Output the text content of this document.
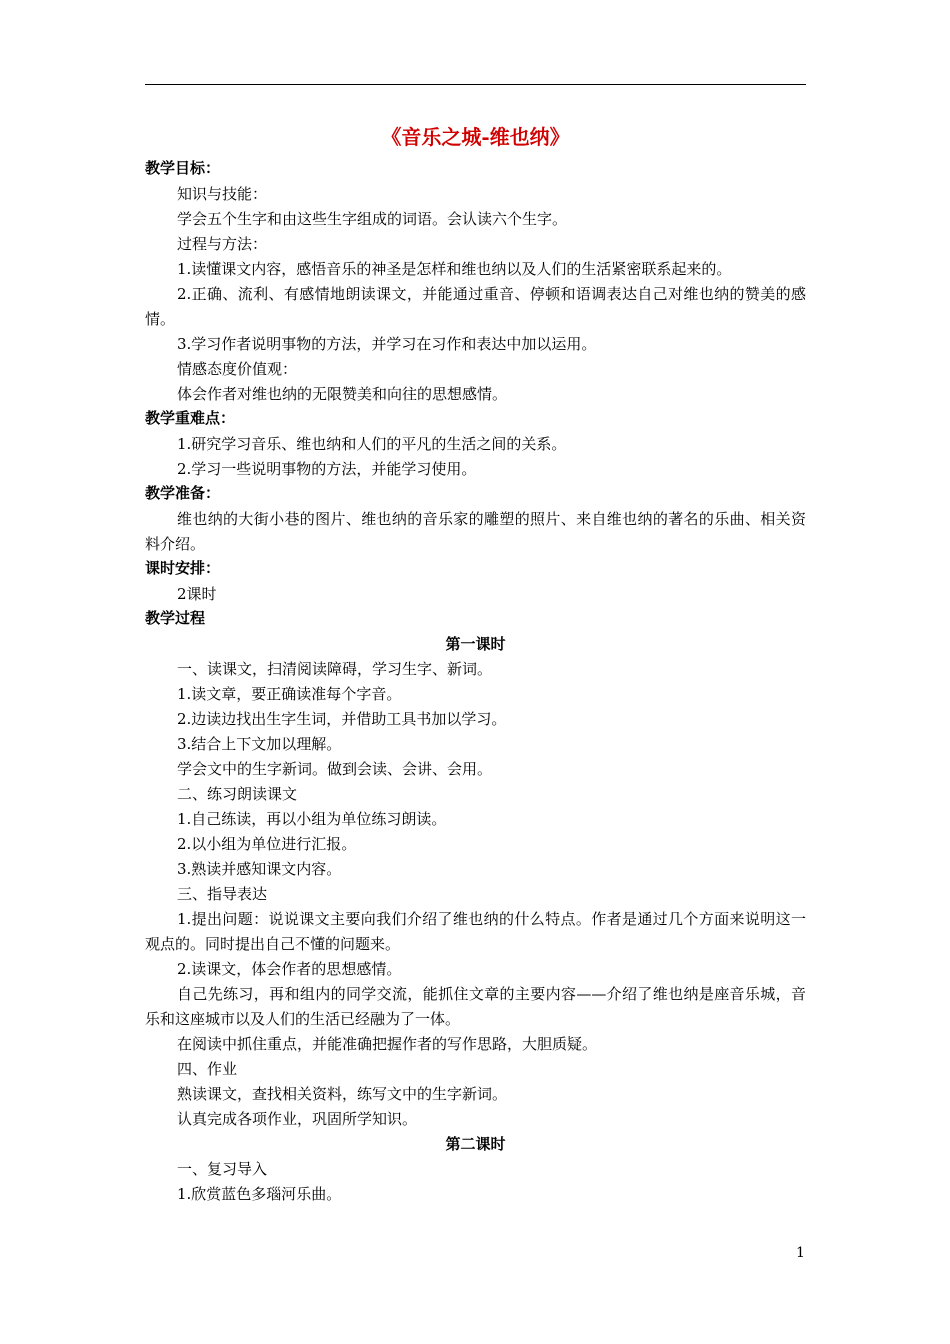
《音乐之城-维也纳》
教学目标：
知识与技能：
学会五个生字和由这些生字组成的词语。会认读六个生字。
过程与方法：
1.读懂课文内容，感悟音乐的神圣是怎样和维也纳以及人们的生活紧密联系起来的。
2.正确、流利、有感情地朗读课文，并能通过重音、停顿和语调表达自己对维也纳的赞美的感情。
3.学习作者说明事物的方法，并学习在习作和表达中加以运用。
情感态度价值观：
体会作者对维也纳的无限赞美和向往的思想感情。
教学重难点：
1.研究学习音乐、维也纳和人们的平凡的生活之间的关系。
2.学习一些说明事物的方法，并能学习使用。
教学准备：
维也纳的大街小巷的图片、维也纳的音乐家的雕塑的照片、来自维也纳的著名的乐曲、相关资料介绍。
课时安排：
2课时
教学过程
第一课时
一、读课文，扫清阅读障碍，学习生字、新词。
1.读文章，要正确读准每个字音。
2.边读边找出生字生词，并借助工具书加以学习。
3.结合上下文加以理解。
学会文中的生字新词。做到会读、会讲、会用。
二、练习朗读课文
1.自己练读，再以小组为单位练习朗读。
2.以小组为单位进行汇报。
3.熟读并感知课文内容。
三、指导表达
1.提出问题：说说课文主要向我们介绍了维也纳的什么特点。作者是通过几个方面来说明这一观点的。同时提出自己不懂的问题来。
2.读课文，体会作者的思想感情。
自己先练习，再和组内的同学交流，能抓住文章的主要内容——介绍了维也纳是座音乐城，音乐和这座城市以及人们的生活已经融为了一体。
在阅读中抓住重点，并能准确把握作者的写作思路，大胆质疑。
四、作业
熟读课文，查找相关资料，练写文中的生字新词。
认真完成各项作业，巩固所学知识。
第二课时
一、复习导入
1.欣赏蓝色多瑙河乐曲。
1
